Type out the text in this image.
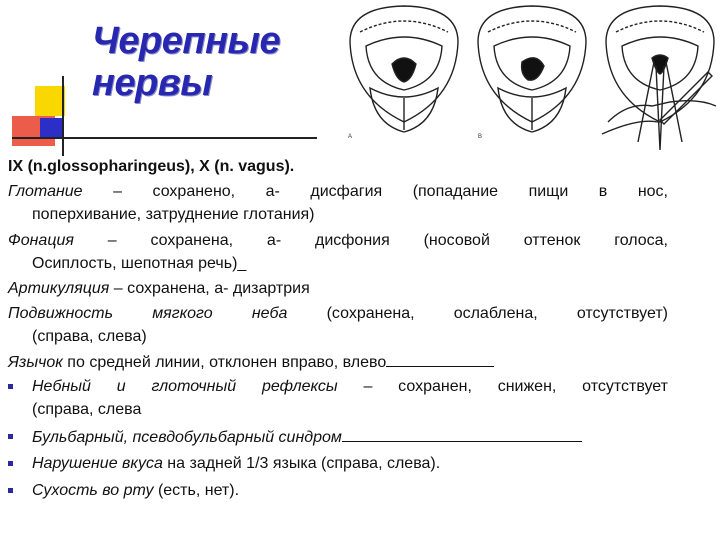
Черепные
нервы
A	B

IX (n.glossopharingeus), X (n. vagus).

Глотание – сохранено, а- дисфагия (попадание пищи в нос,

поперхивание, затруднение глотания)

Фонация – сохранена, а- дисфония (носовой оттенок голоса,

Осиплость, шепотная речь)_

Артикуляция – сохранена, а- дизартрия

Подвижность мягкого неба (сохранена, ослаблена, отсутствует)

(справа, слева)

Язычок по средней линии, отклонен вправо, влево

Небный и глоточный рефлексы – сохранен, снижен, отсутствует

(справа, слева

Бульбарный, псевдобульбарный синдром

Нарушение вкуса на задней 1/3 языка (справа, слева).

Сухость во рту (есть, нет).
